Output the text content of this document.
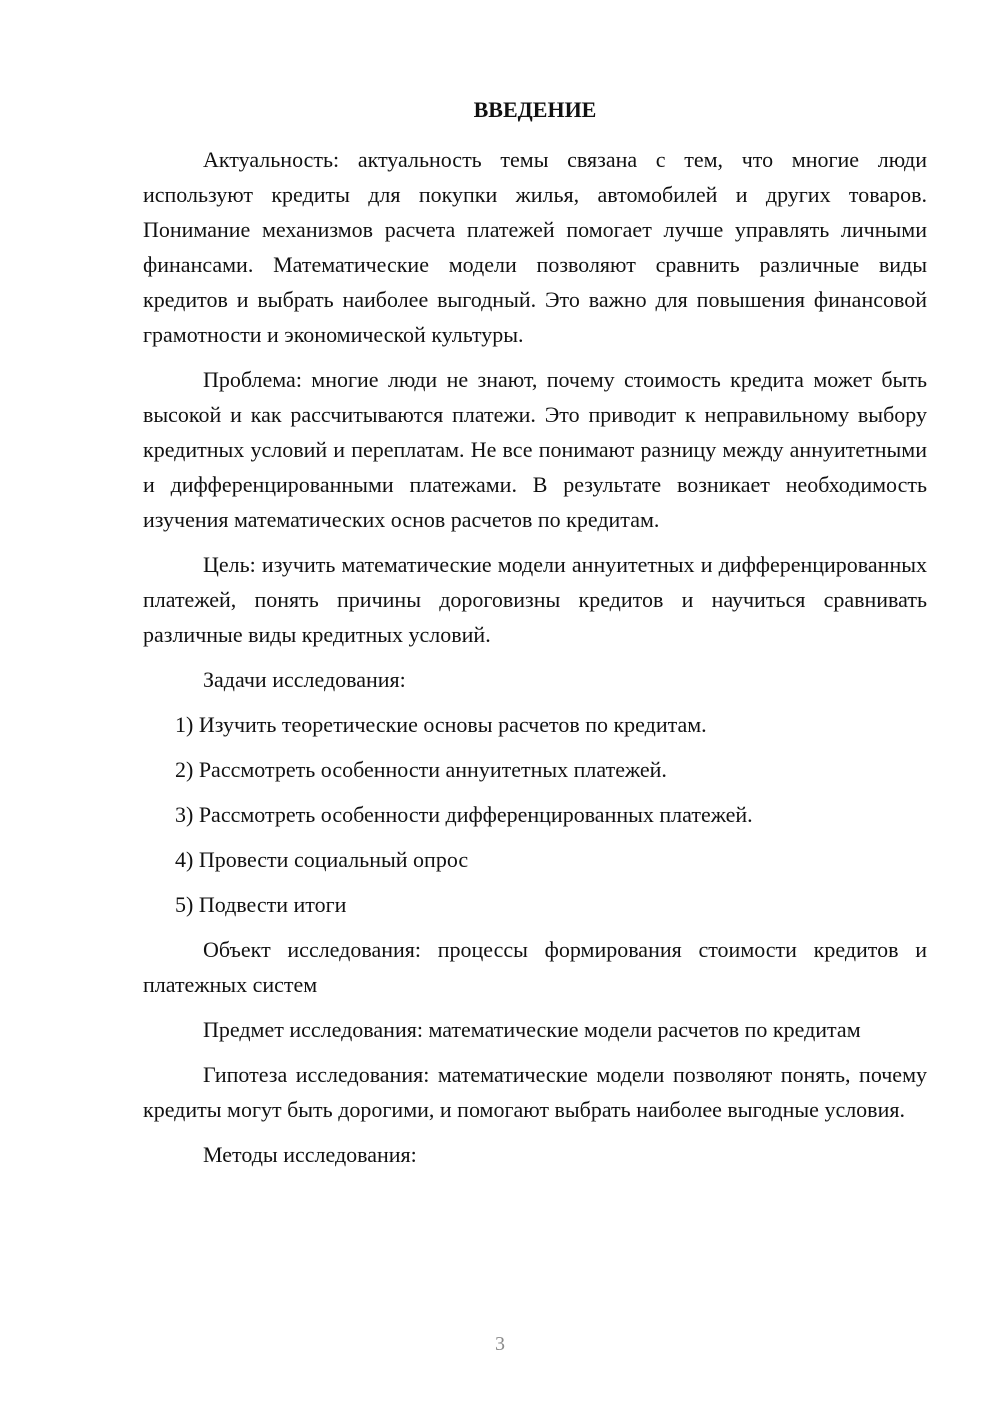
ВВЕДЕНИЕ

Актуальность: актуальность темы связана с тем, что многие люди используют кредиты для покупки жилья, автомобилей и других товаров. Понимание механизмов расчета платежей помогает лучше управлять личными финансами. Математические модели позволяют сравнить различные виды кредитов и выбрать наиболее выгодный. Это важно для повышения финансовой грамотности и экономической культуры.

Проблема: многие люди не знают, почему стоимость кредита может быть высокой и как рассчитываются платежи. Это приводит к неправильному выбору кредитных условий и переплатам. Не все понимают разницу между аннуитетными и дифференцированными платежами. В результате возникает необходимость изучения математических основ расчетов по кредитам.

Цель: изучить математические модели аннуитетных и дифференцированных платежей, понять причины дороговизны кредитов и научиться сравнивать различные виды кредитных условий.

Задачи исследования:

1) Изучить теоретические основы расчетов по кредитам.

2) Рассмотреть особенности аннуитетных платежей.

3) Рассмотреть особенности дифференцированных платежей.

4) Провести социальный опрос

5) Подвести итоги

Объект исследования: процессы формирования стоимости кредитов и платежных систем

Предмет исследования: математические модели расчетов по кредитам

Гипотеза исследования: математические модели позволяют понять, почему кредиты могут быть дорогими, и помогают выбрать наиболее выгодные условия.

Методы исследования:

3
